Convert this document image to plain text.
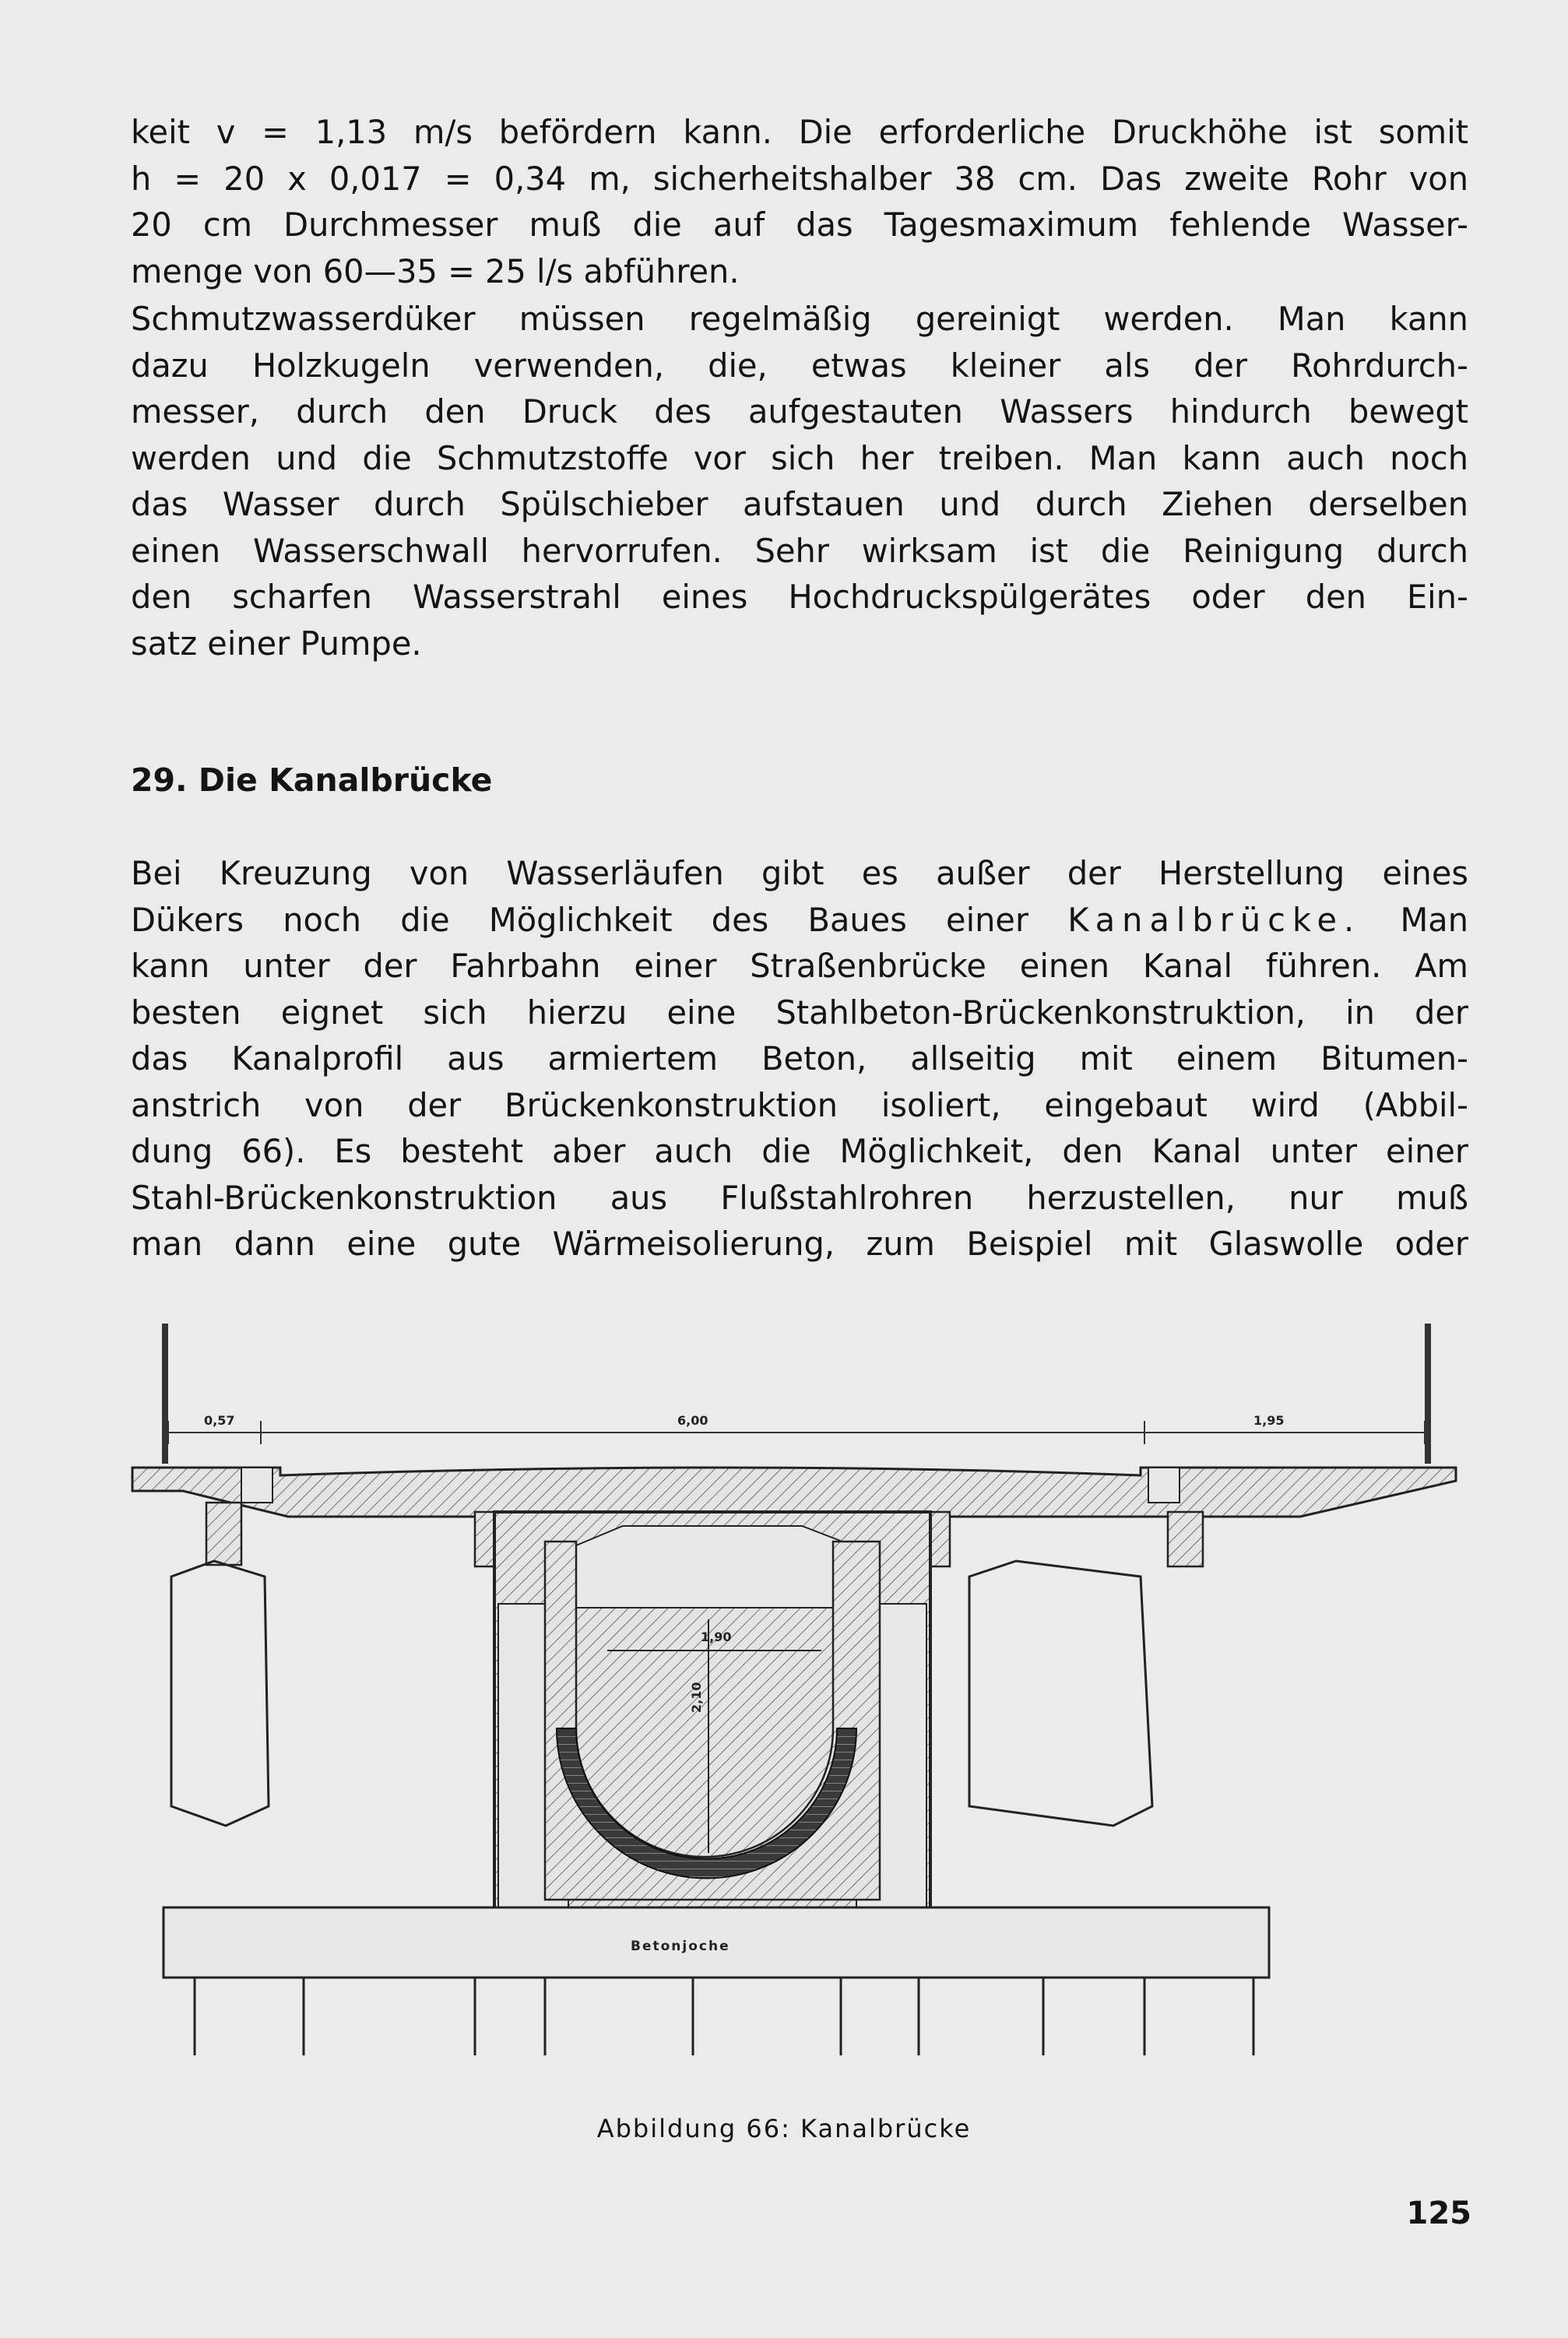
keit v = 1,13 m/s befördern kann. Die erforderliche Druckhöhe ist somit
h = 20 x 0,017 = 0,34 m, sicherheitshalber 38 cm. Das zweite Rohr von
20 cm Durchmesser muß die auf das Tagesmaximum fehlende Wasser-
menge von 60—35 = 25 l/s abführen.
Schmutzwasserdüker müssen regelmäßig gereinigt werden. Man kann
dazu Holzkugeln verwenden, die, etwas kleiner als der Rohrdurch-
messer, durch den Druck des aufgestauten Wassers hindurch bewegt
werden und die Schmutzstoffe vor sich her treiben. Man kann auch noch
das Wasser durch Spülschieber aufstauen und durch Ziehen derselben
einen Wasserschwall hervorrufen. Sehr wirksam ist die Reinigung durch
den scharfen Wasserstrahl eines Hochdruckspülgerätes oder den Ein-
satz einer Pumpe.
29. Die Kanalbrücke
Bei Kreuzung von Wasserläufen gibt es außer der Herstellung eines
Dükers noch die Möglichkeit des Baues einer Kanalbrücke. Man
kann unter der Fahrbahn einer Straßenbrücke einen Kanal führen. Am
besten eignet sich hierzu eine Stahlbeton-Brückenkonstruktion, in der
das Kanalprofil aus armiertem Beton, allseitig mit einem Bitumen-
anstrich von der Brückenkonstruktion isoliert, eingebaut wird (Abbil-
dung 66). Es besteht aber auch die Möglichkeit, den Kanal unter einer
Stahl-Brückenkonstruktion aus Flußstahlrohren herzustellen, nur muß
man dann eine gute Wärmeisolierung, zum Beispiel mit Glaswolle oder
0,57	6,00	1,95
1,90
2,10
Betonjoche
Abbildung 66: Kanalbrücke
125
